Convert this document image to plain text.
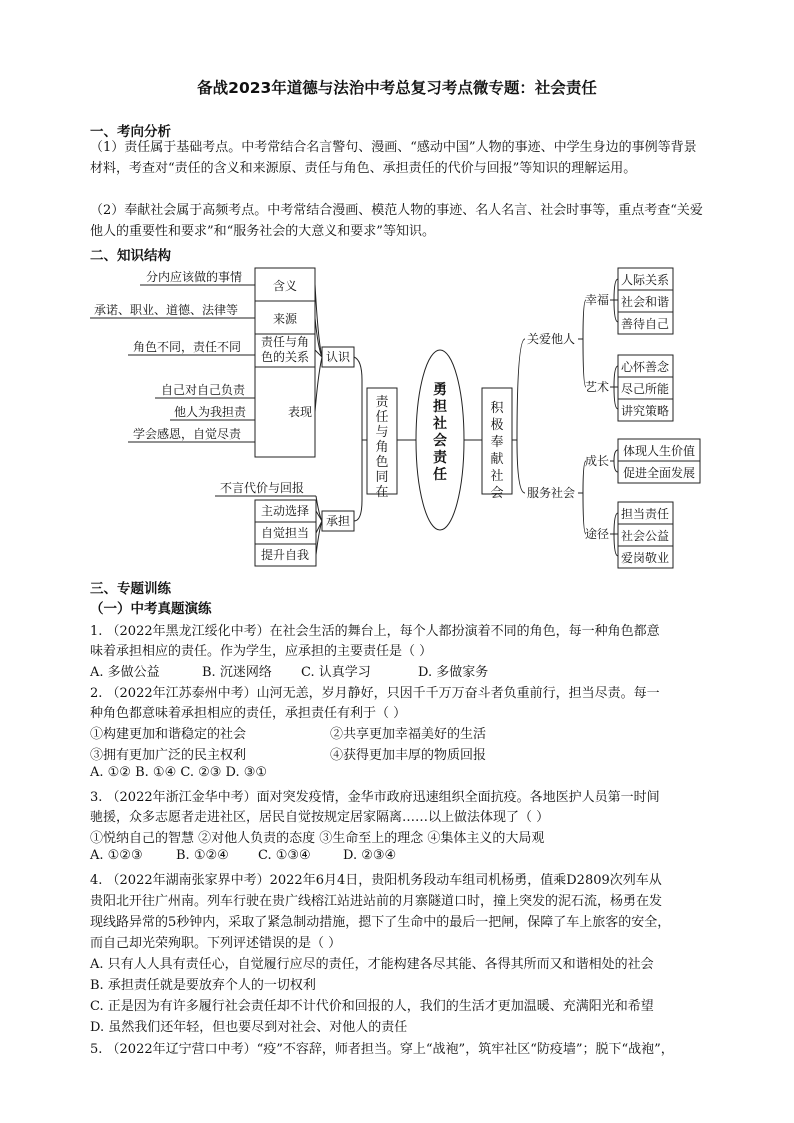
备战2023年道德与法治中考总复习考点微专题：社会责任
一、考向分析
（1）责任属于基础考点。中考常结合名言警句、漫画、“感动中国”人物的事迹、中学生身边的事例等背景材料，考查对“责任的含义和来源原、责任与角色、承担责任的代价与回报”等知识的理解运用。
（2）奉献社会属于高频考点。中考常结合漫画、模范人物的事迹、名人名言、社会时事等，重点考查“关爱他人的重要性和要求”和“服务社会的大意义和要求”等知识。
二、知识结构
分内应该做的事情
承诺、职业、道德、法律等
角色不同，责任不同
自己对自己负责
他人为我担责
学会感恩，自觉尽责
含义
来源
责任与角
色的关系
表现
认识
不言代价与回报
主动选择
自觉担当
提升自我
承担
责任与角色同在
勇担社会责任
积极奉献社会
关爱他人
服务社会
幸福
艺术
成长
途径
人际关系
社会和谐
善待自己
心怀善念
尽己所能
讲究策略
体现人生价值
促进全面发展
担当责任
社会公益
爱岗敬业
三、专题训练
（一）中考真题演练
1. （2022年黑龙江绥化中考）在社会生活的舞台上，每个人都扮演着不同的角色，每一种角色都意
味着承担相应的责任。作为学生，应承担的主要责任是（ ）
A. 多做公益	B. 沉迷网络 C. 认真学习	D. 多做家务
2. （2022年江苏泰州中考）山河无恙，岁月静好，只因千千万万奋斗者负重前行，担当尽责。每一
种角色都意味着承担相应的责任，承担责任有利于（ ）
①构建更加和谐稳定的社会	②共享更加幸福美好的生活
③拥有更加广泛的民主权利	④获得更加丰厚的物质回报
A. ①② B. ①④ C. ②③ D. ③①
3. （2022年浙江金华中考）面对突发疫情，金华市政府迅速组织全面抗疫。各地医护人员第一时间
驰援，众多志愿者走进社区，居民自觉按规定居家隔离……以上做法体现了（ ）
①悦纳自己的智慧 ②对他人负责的态度 ③生命至上的理念 ④集体主义的大局观
A. ①②③	B. ①②④ C. ①③④ D. ②③④
4. （2022年湖南张家界中考）2022年6月4日，贵阳机务段动车组司机杨勇，值乘D2809次列车从
贵阳北开往广州南。列车行驶在贵广线榕江站进站前的月寨隧道口时，撞上突发的泥石流，杨勇在发
现线路异常的5秒钟内，采取了紧急制动措施，摁下了生命中的最后一把闸，保障了车上旅客的安全，
而自己却光荣殉职。下列评述错误的是（ ）
A. 只有人人具有责任心，自觉履行应尽的责任，才能构建各尽其能、各得其所而又和谐相处的社会
B. 承担责任就是要放弃个人的一切权利
C. 正是因为有许多履行社会责任却不计代价和回报的人，我们的生活才更加温暖、充满阳光和希望
D. 虽然我们还年轻，但也要尽到对社会、对他人的责任
5. （2022年辽宁营口中考）“疫”不容辞，师者担当。穿上“战袍”，筑牢社区“防疫墙”；脱下“战袍”，
